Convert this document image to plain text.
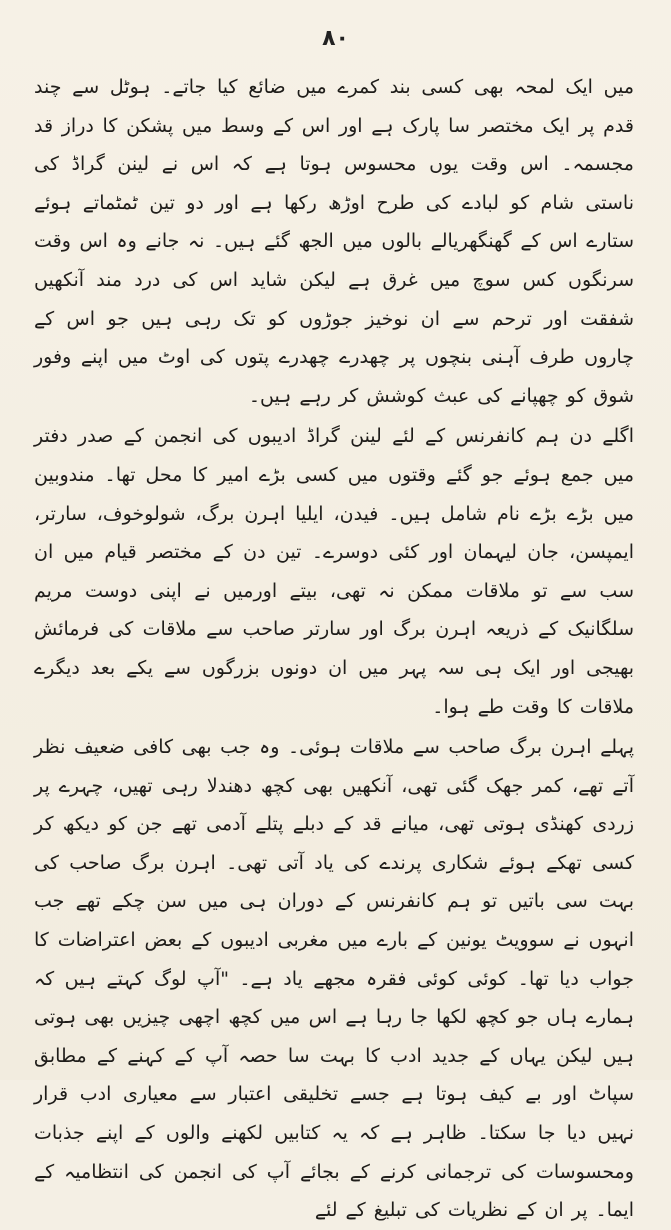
٨٠

میں ایک لمحہ بھی کسی بند کمرے میں ضائع کیا جاتے۔ ہوٹل سے چند قدم پر ایک مختصر سا پارک ہے اور اس کے وسط میں پشکن کا دراز قد مجسمہ۔ اس وقت یوں محسوس ہوتا ہے کہ اس نے لینن گراڈ کی ناستی شام کو لبادے کی طرح اوڑھ رکھا ہے اور دو تین ٹمٹماتے ہوئے ستارے اس کے گھنگھریالے بالوں میں الجھ گئے ہیں۔ نہ جانے وہ اس وقت سرنگوں کس سوچ میں غرق ہے لیکن شاید اس کی درد مند آنکھیں شفقت اور ترحم سے ان نوخیز جوڑوں کو تک رہی ہیں جو اس کے چاروں طرف آہنی بنچوں پر چھدرے چھدرے پتوں کی اوٹ میں اپنے وفور شوق کو چھپانے کی عبث کوشش کر رہے ہیں۔

اگلے دن ہم کانفرنس کے لئے لینن گراڈ ادیبوں کی انجمن کے صدر دفتر میں جمع ہوئے جو گئے وقتوں میں کسی بڑے امیر کا محل تھا۔ مندوبین میں بڑے بڑے نام شامل ہیں۔ فیدن، ایلیا اہرن برگ، شولوخوف، سارتر، ایمپسن، جان لیہمان اور کئی دوسرے۔ تین دن کے مختصر قیام میں ان سب سے تو ملاقات ممکن نہ تھی، بیتے اورمیں نے اپنی دوست مریم سلگانیک کے ذریعہ اہرن برگ اور سارتر صاحب سے ملاقات کی فرمائش بھیجی اور ایک ہی سہ پہر میں ان دونوں بزرگوں سے یکے بعد دیگرے ملاقات کا وقت طے ہوا۔

پہلے اہرن برگ صاحب سے ملاقات ہوئی۔ وہ جب بھی کافی ضعیف نظر آتے تھے، کمر جھک گئی تھی، آنکھیں بھی کچھ دھندلا رہی تھیں، چہرے پر زردی کھنڈی ہوتی تھی، میانے قد کے دبلے پتلے آدمی تھے جن کو دیکھ کر کسی تھکے ہوئے شکاری پرندے کی یاد آتی تھی۔ اہرن برگ صاحب کی بہت سی باتیں تو ہم کانفرنس کے دوران ہی میں سن چکے تھے جب انہوں نے سوویٹ یونین کے بارے میں مغربی ادیبوں کے بعض اعتراضات کا جواب دیا تھا۔ کوئی کوئی فقرہ مجھے یاد ہے۔ "آپ لوگ کہتے ہیں کہ ہمارے ہاں جو کچھ لکھا جا رہا ہے اس میں کچھ اچھی چیزیں بھی ہوتی ہیں لیکن یہاں کے جدید ادب کا بہت سا حصہ آپ کے کہنے کے مطابق سپاٹ اور بے کیف ہوتا ہے جسے تخلیقی اعتبار سے معیاری ادب قرار نہیں دیا جا سکتا۔ ظاہر ہے کہ یہ کتابیں لکھنے والوں کے اپنے جذبات ومحسوسات کی ترجمانی کرنے کے بجائے آپ کی انجمن کی انتظامیہ کے ایما۔ پر ان کے نظریات کی تبلیغ کے لئے
